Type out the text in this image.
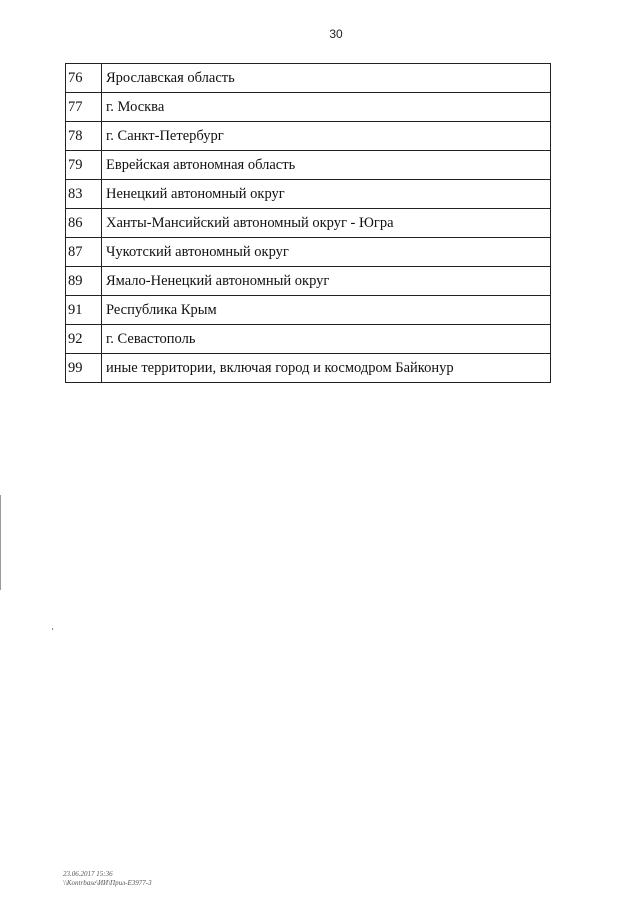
30
76	Ярославская область
77	г. Москва
78	г. Санкт-Петербург
79	Еврейская автономная область
83	Ненецкий автономный округ
86	Ханты-Мансийский автономный округ - Югра
87	Чукотский автономный округ
89	Ямало-Ненецкий автономный округ
91	Республика Крым
92	г. Севастополь
99	иные территории, включая город и космодром Байконур
23.06.2017 15:36
\\Kontrbase\ИИ\Прил-E3977-3
